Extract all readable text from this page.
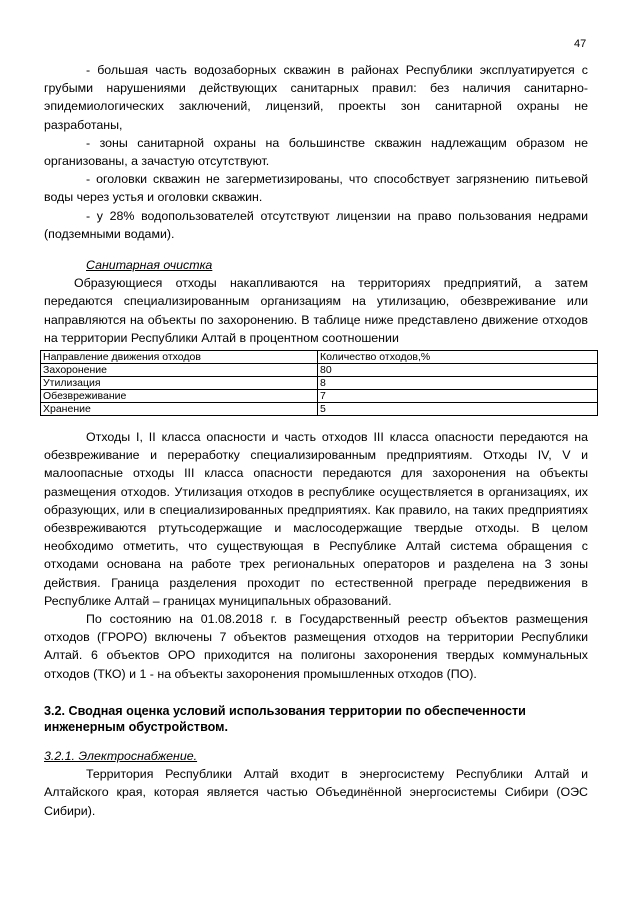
47

- большая часть водозаборных скважин в районах Республики эксплуатируется с грубыми нарушениями действующих санитарных правил: без наличия санитарно-эпидемиологических заключений, лицензий, проекты зон санитарной охраны не разработаны,

- зоны санитарной охраны на большинстве скважин надлежащим образом не организованы, а зачастую отсутствуют.

- оголовки скважин не загерметизированы, что способствует загрязнению питьевой воды через устья и оголовки скважин.

- у 28% водопользователей отсутствуют лицензии на право пользования недрами (подземными водами).

Санитарная очистка

Образующиеся отходы накапливаются на территориях предприятий, а затем передаются специализированным организациям на утилизацию, обезвреживание или направляются на объекты по захоронению. В таблице ниже представлено движение отходов на территории Республики Алтай в процентном соотношении

Направление движения отходов	Количество отходов,%
Захоронение	80
Утилизация	8
Обезвреживание	7
Хранение	5

Отходы I, II класса опасности и часть отходов III класса опасности передаются на обезвреживание и переработку специализированным предприятиям. Отходы IV, V и малоопасные отходы III класса опасности передаются для захоронения на объекты размещения отходов. Утилизация отходов в республике осуществляется в организациях, их образующих, или в специализированных предприятиях. Как правило, на таких предприятиях обезвреживаются ртутьсодержащие и маслосодержащие твердые отходы. В целом необходимо отметить, что существующая в Республике Алтай система обращения с отходами основана на работе трех региональных операторов и разделена на 3 зоны действия. Граница разделения проходит по естественной преграде передвижения в Республике Алтай – границах муниципальных образований.

По состоянию на 01.08.2018 г. в Государственный реестр объектов размещения отходов (ГРОРО) включены 7 объектов размещения отходов на территории Республики Алтай. 6 объектов ОРО приходится на полигоны захоронения твердых коммунальных отходов (ТКО) и 1 - на объекты захоронения промышленных отходов (ПО).

3.2. Сводная оценка условий использования территории по обеспеченности инженерным обустройством.

3.2.1. Электроснабжение.

Территория Республики Алтай входит в энергосистему Республики Алтай и Алтайского края, которая является частью Объединённой энергосистемы Сибири (ОЭС Сибири).
